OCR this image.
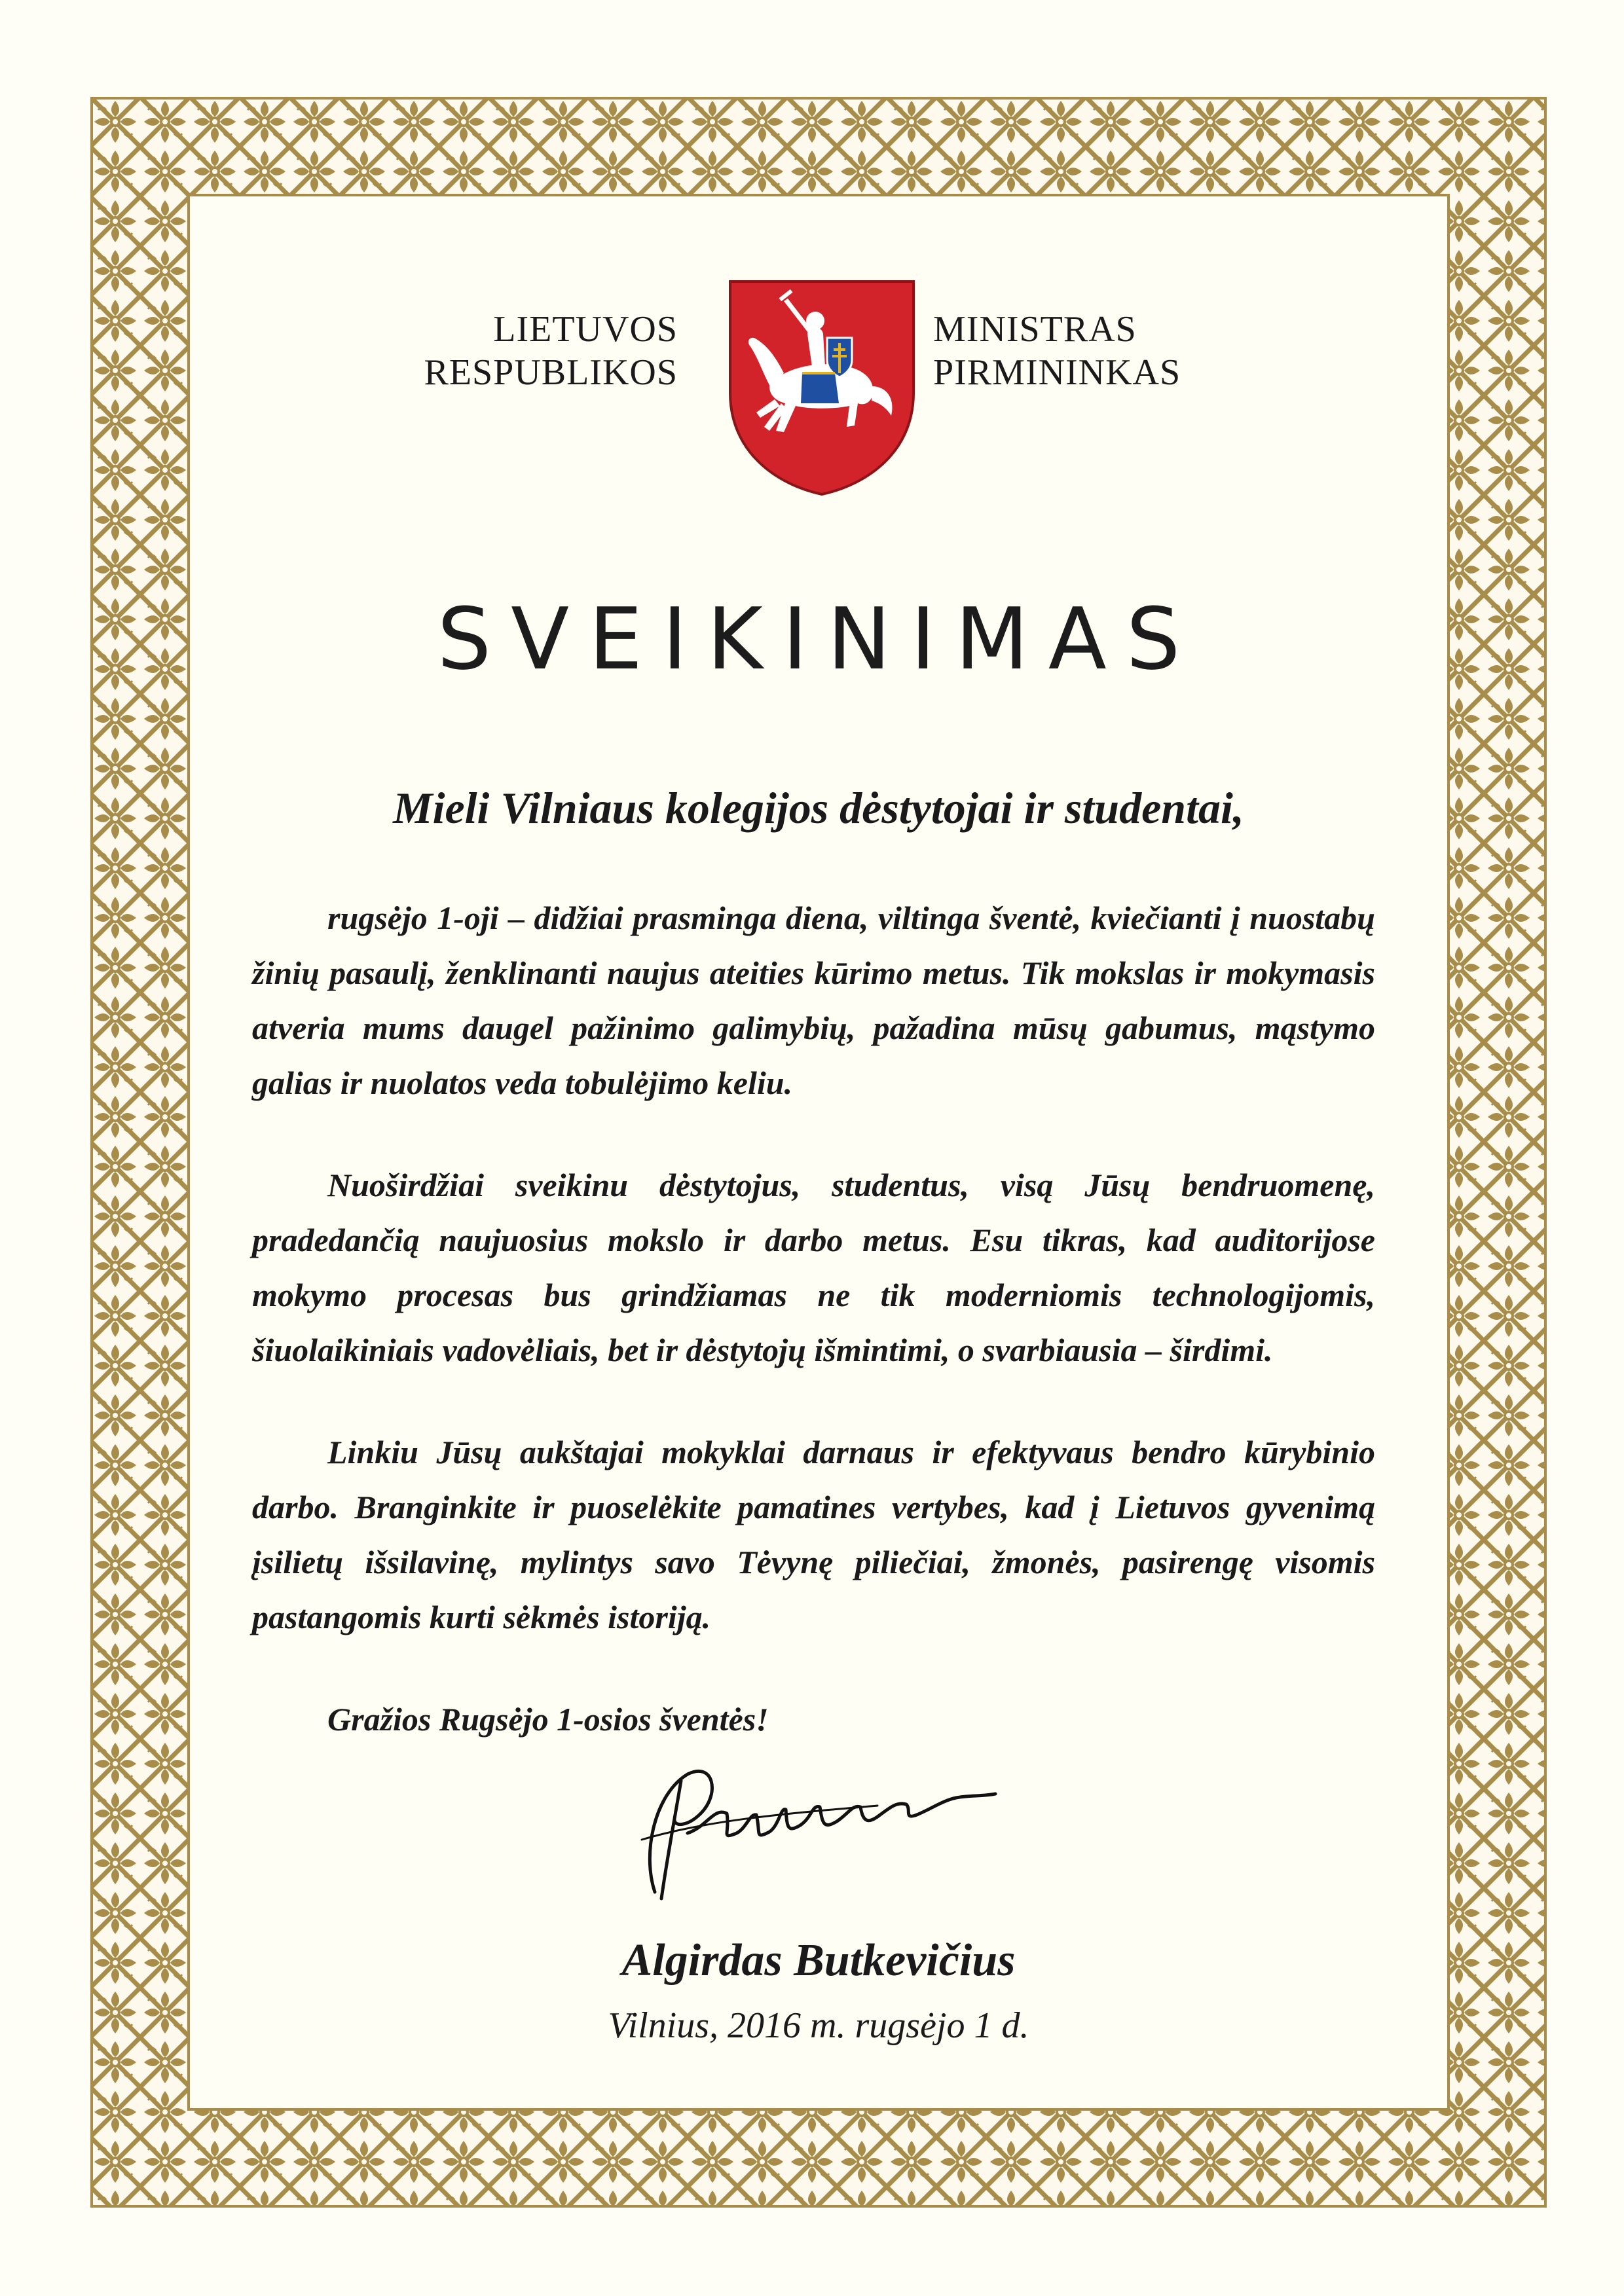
LIETUVOS
RESPUBLIKOS
MINISTRAS
PIRMININKAS
SVEIKINIMAS
Mieli Vilniaus kolegijos dėstytojai ir studentai,

rugsėjo 1-oji – didžiai prasminga diena, viltinga šventė, kviečianti į nuostabų žinių pasaulį, ženklinanti naujus ateities kūrimo metus. Tik mokslas ir mokymasis atveria mums daugel pažinimo galimybių, pažadina mūsų gabumus, mąstymo galias ir nuolatos veda tobulėjimo keliu.

Nuoširdžiai sveikinu dėstytojus, studentus, visą Jūsų bendruomenę, pradedančią naujuosius mokslo ir darbo metus. Esu tikras, kad auditorijose mokymo procesas bus grindžiamas ne tik moderniomis technologijomis, šiuolaikiniais vadovėliais, bet ir dėstytojų išmintimi, o svarbiausia – širdimi.

Linkiu Jūsų aukštajai mokyklai darnaus ir efektyvaus bendro kūrybinio darbo. Branginkite ir puoselėkite pamatines vertybes, kad į Lietuvos gyvenimą įsilietų išsilavinę, mylintys savo Tėvynę piliečiai, žmonės, pasirengę visomis pastangomis kurti sėkmės istoriją.

Gražios Rugsėjo 1-osios šventės!

Algirdas Butkevičius
Vilnius, 2016 m. rugsėjo 1 d.
